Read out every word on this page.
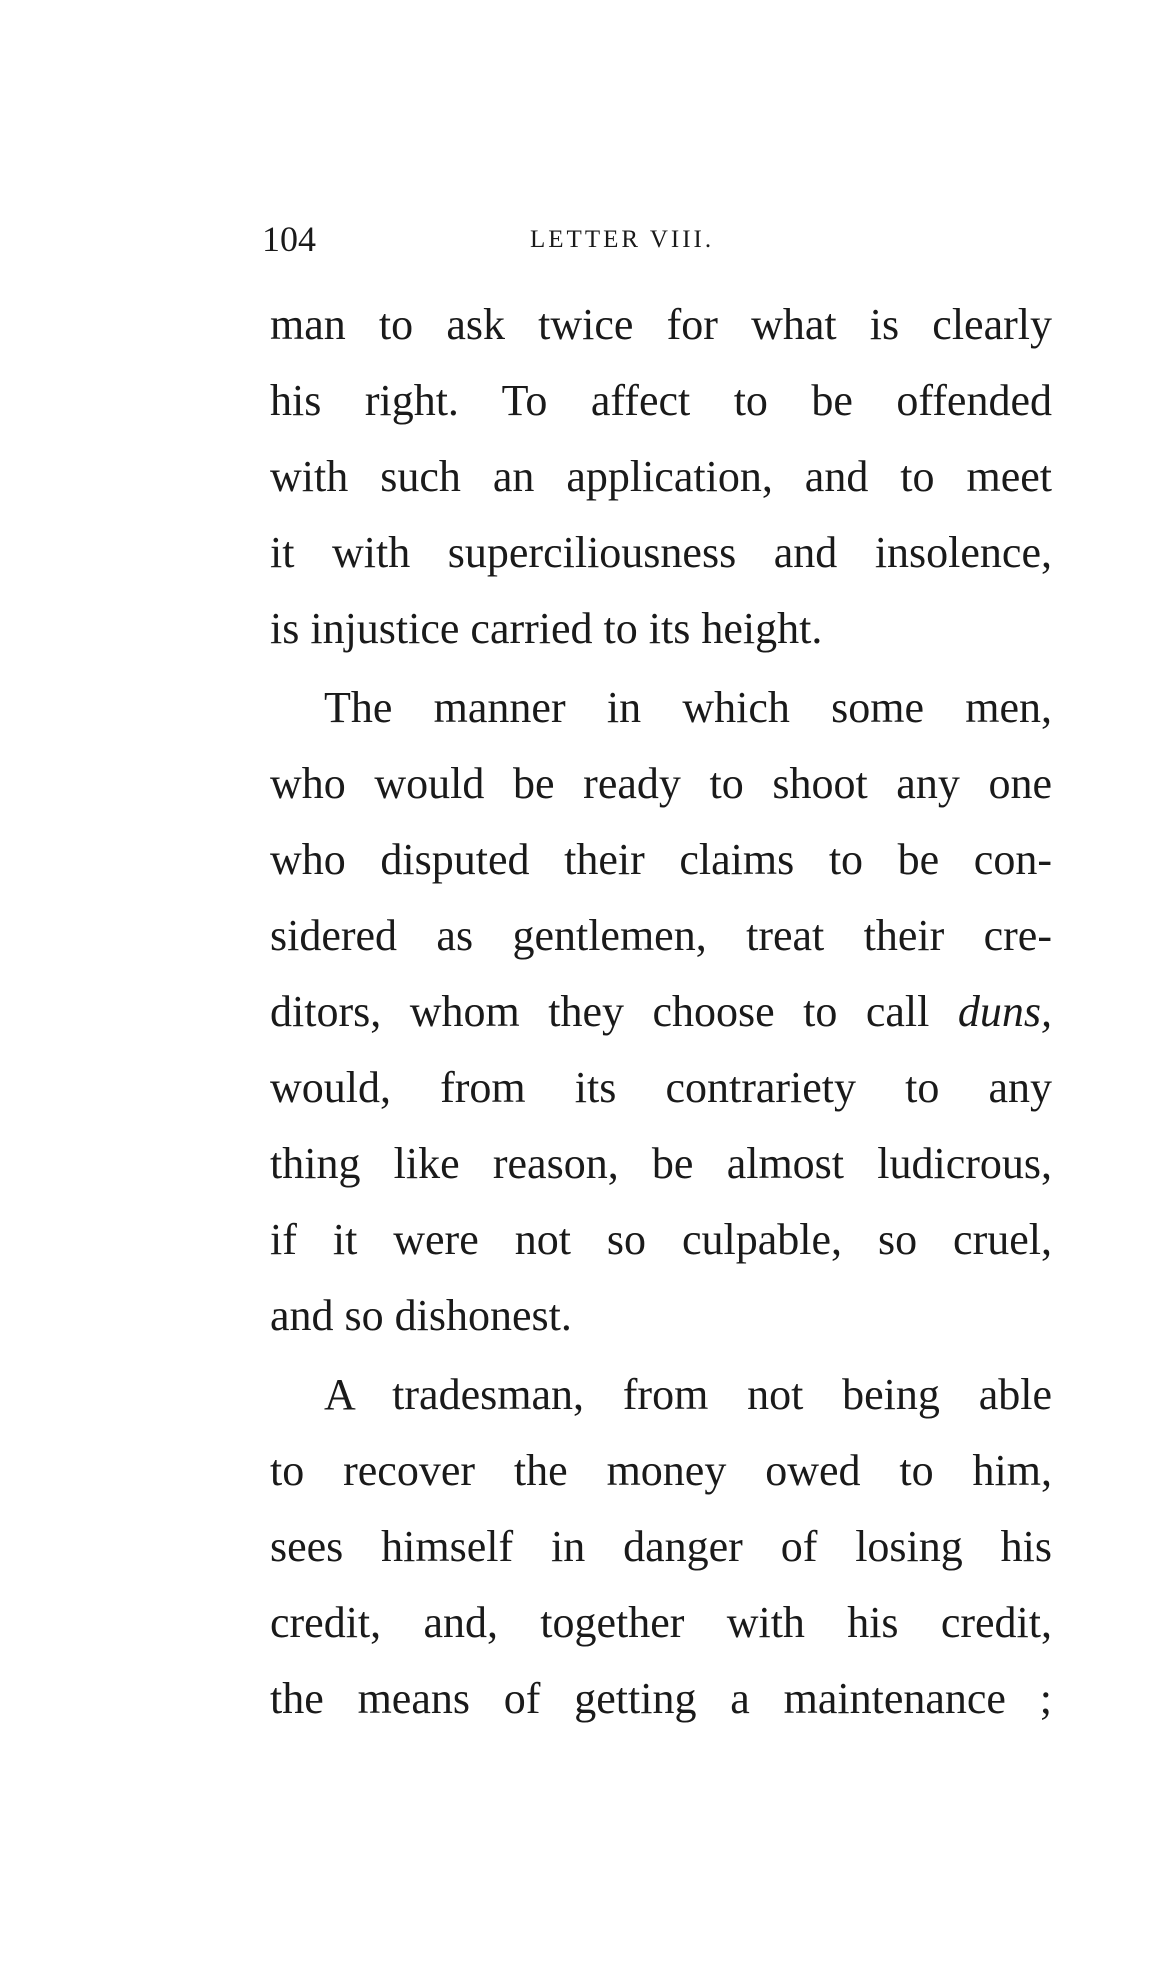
104	LETTER VIII.
man to ask twice for what is clearly
his right. To affect to be offended
with such an application, and to meet
it with superciliousness and insolence,
is injustice carried to its height.
The manner in which some men,
who would be ready to shoot any one
who disputed their claims to be con-
sidered as gentlemen, treat their cre-
ditors, whom they choose to call duns,
would, from its contrariety to any
thing like reason, be almost ludicrous,
if it were not so culpable, so cruel,
and so dishonest.
A tradesman, from not being able
to recover the money owed to him,
sees himself in danger of losing his
credit, and, together with his credit,
the means of getting a maintenance ;
